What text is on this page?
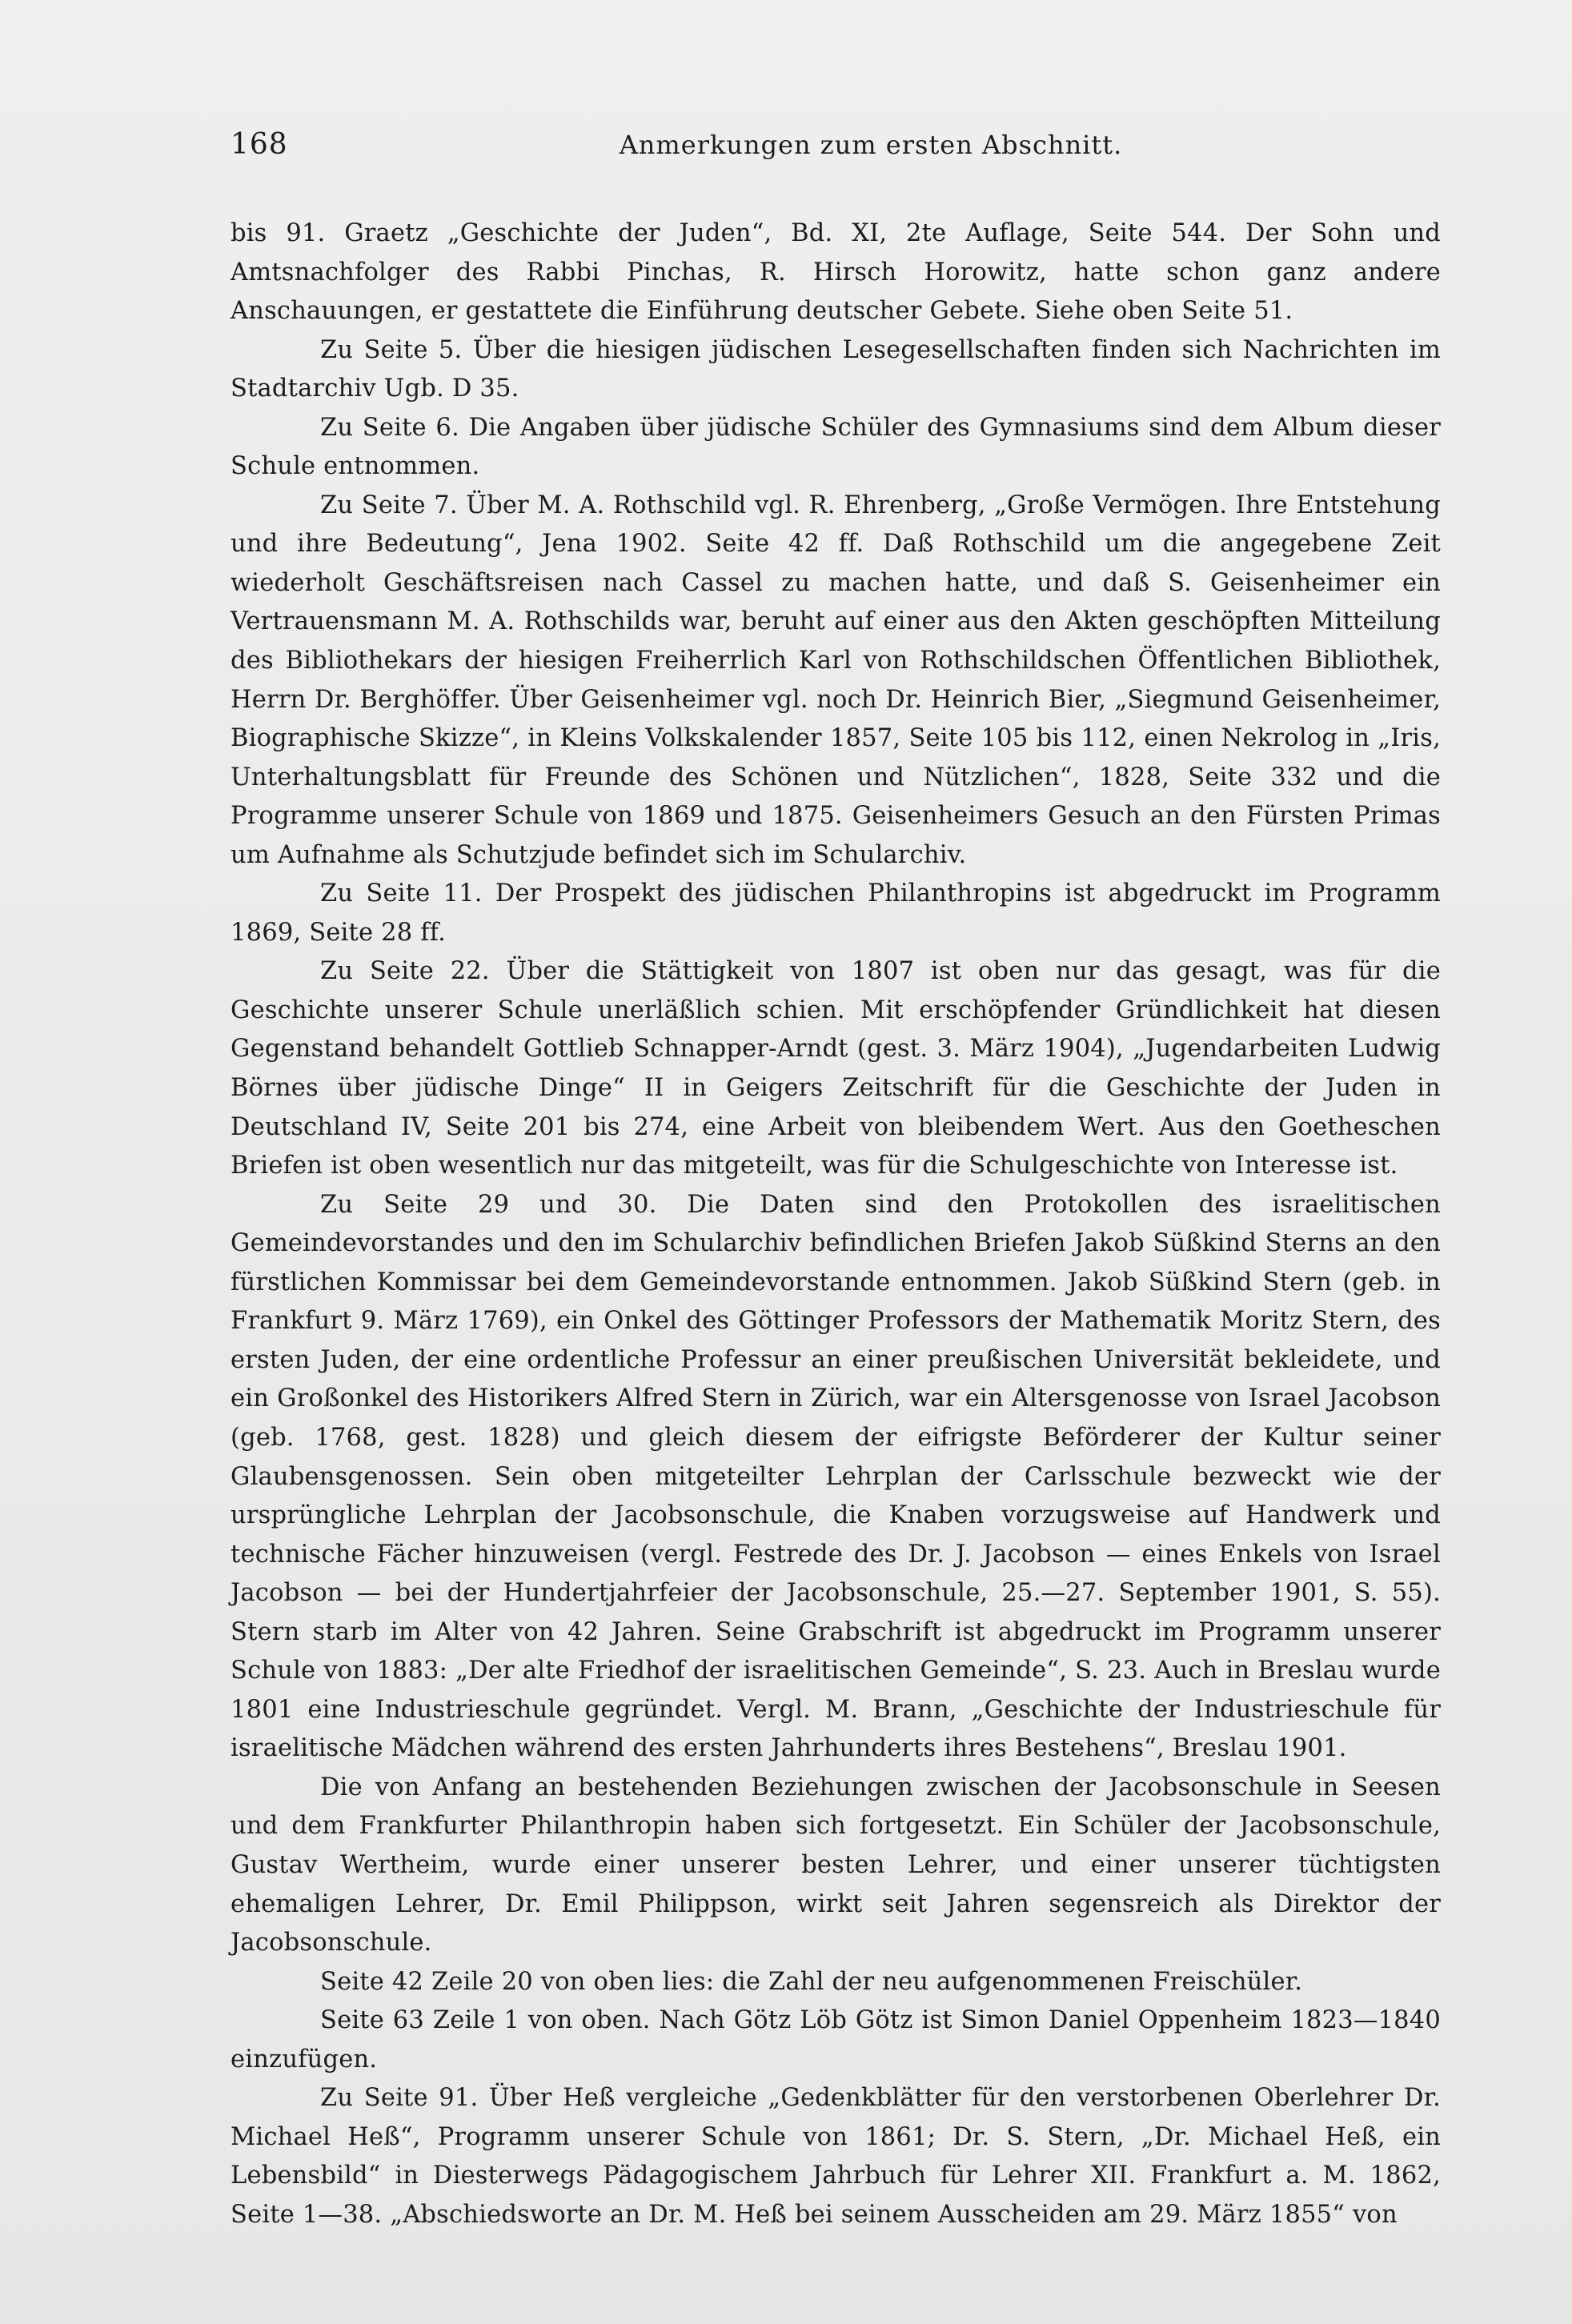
168	Anmerkungen zum ersten Abschnitt.

bis 91. Graetz „Geschichte der Juden“, Bd. XI, 2te Auflage, Seite 544. Der Sohn und Amtsnachfolger des Rabbi Pinchas, R. Hirsch Horowitz, hatte schon ganz andere Anschauungen, er gestattete die Einführung deutscher Gebete. Siehe oben Seite 51.

Zu Seite 5. Über die hiesigen jüdischen Lesegesellschaften finden sich Nachrichten im Stadtarchiv Ugb. D 35.

Zu Seite 6. Die Angaben über jüdische Schüler des Gymnasiums sind dem Album dieser Schule entnommen.

Zu Seite 7. Über M. A. Rothschild vgl. R. Ehrenberg, „Große Vermögen. Ihre Entstehung und ihre Bedeutung“, Jena 1902. Seite 42 ff. Daß Rothschild um die angegebene Zeit wiederholt Geschäftsreisen nach Cassel zu machen hatte, und daß S. Geisenheimer ein Vertrauensmann M. A. Rothschilds war, beruht auf einer aus den Akten geschöpften Mitteilung des Bibliothekars der hiesigen Freiherrlich Karl von Rothschildschen Öffentlichen Bibliothek, Herrn Dr. Berghöffer. Über Geisenheimer vgl. noch Dr. Heinrich Bier, „Siegmund Geisenheimer, Biographische Skizze“, in Kleins Volkskalender 1857, Seite 105 bis 112, einen Nekrolog in „Iris, Unterhaltungsblatt für Freunde des Schönen und Nützlichen“, 1828, Seite 332 und die Programme unserer Schule von 1869 und 1875. Geisenheimers Gesuch an den Fürsten Primas um Aufnahme als Schutzjude befindet sich im Schularchiv.

Zu Seite 11. Der Prospekt des jüdischen Philanthropins ist abgedruckt im Programm 1869, Seite 28 ff.

Zu Seite 22. Über die Stättigkeit von 1807 ist oben nur das gesagt, was für die Geschichte unserer Schule unerläßlich schien. Mit erschöpfender Gründlichkeit hat diesen Gegenstand behandelt Gottlieb Schnapper-Arndt (gest. 3. März 1904), „Jugendarbeiten Ludwig Börnes über jüdische Dinge“ II in Geigers Zeitschrift für die Geschichte der Juden in Deutschland IV, Seite 201 bis 274, eine Arbeit von bleibendem Wert. Aus den Goetheschen Briefen ist oben wesentlich nur das mitgeteilt, was für die Schulgeschichte von Interesse ist.

Zu Seite 29 und 30. Die Daten sind den Protokollen des israelitischen Gemeindevorstandes und den im Schularchiv befindlichen Briefen Jakob Süßkind Sterns an den fürstlichen Kommissar bei dem Gemeindevorstande entnommen. Jakob Süßkind Stern (geb. in Frankfurt 9. März 1769), ein Onkel des Göttinger Professors der Mathematik Moritz Stern, des ersten Juden, der eine ordentliche Professur an einer preußischen Universität bekleidete, und ein Großonkel des Historikers Alfred Stern in Zürich, war ein Altersgenosse von Israel Jacobson (geb. 1768, gest. 1828) und gleich diesem der eifrigste Beförderer der Kultur seiner Glaubensgenossen. Sein oben mitgeteilter Lehrplan der Carlsschule bezweckt wie der ursprüngliche Lehrplan der Jacobsonschule, die Knaben vorzugsweise auf Handwerk und technische Fächer hinzuweisen (vergl. Festrede des Dr. J. Jacobson — eines Enkels von Israel Jacobson — bei der Hundertjahrfeier der Jacobsonschule, 25.—27. September 1901, S. 55). Stern starb im Alter von 42 Jahren. Seine Grabschrift ist abgedruckt im Programm unserer Schule von 1883: „Der alte Friedhof der israelitischen Gemeinde“, S. 23. Auch in Breslau wurde 1801 eine Industrieschule gegründet. Vergl. M. Brann, „Geschichte der Industrieschule für israelitische Mädchen während des ersten Jahrhunderts ihres Bestehens“, Breslau 1901.

Die von Anfang an bestehenden Beziehungen zwischen der Jacobsonschule in Seesen und dem Frankfurter Philanthropin haben sich fortgesetzt. Ein Schüler der Jacobsonschule, Gustav Wertheim, wurde einer unserer besten Lehrer, und einer unserer tüchtigsten ehemaligen Lehrer, Dr. Emil Philippson, wirkt seit Jahren segensreich als Direktor der Jacobsonschule.

Seite 42 Zeile 20 von oben lies: die Zahl der neu aufgenommenen Freischüler.

Seite 63 Zeile 1 von oben. Nach Götz Löb Götz ist Simon Daniel Oppenheim 1823—1840 einzufügen.

Zu Seite 91. Über Heß vergleiche „Gedenkblätter für den verstorbenen Oberlehrer Dr. Michael Heß“, Programm unserer Schule von 1861; Dr. S. Stern, „Dr. Michael Heß, ein Lebensbild“ in Diesterwegs Pädagogischem Jahrbuch für Lehrer XII. Frankfurt a. M. 1862, Seite 1—38. „Abschiedsworte an Dr. M. Heß bei seinem Ausscheiden am 29. März 1855“ von
